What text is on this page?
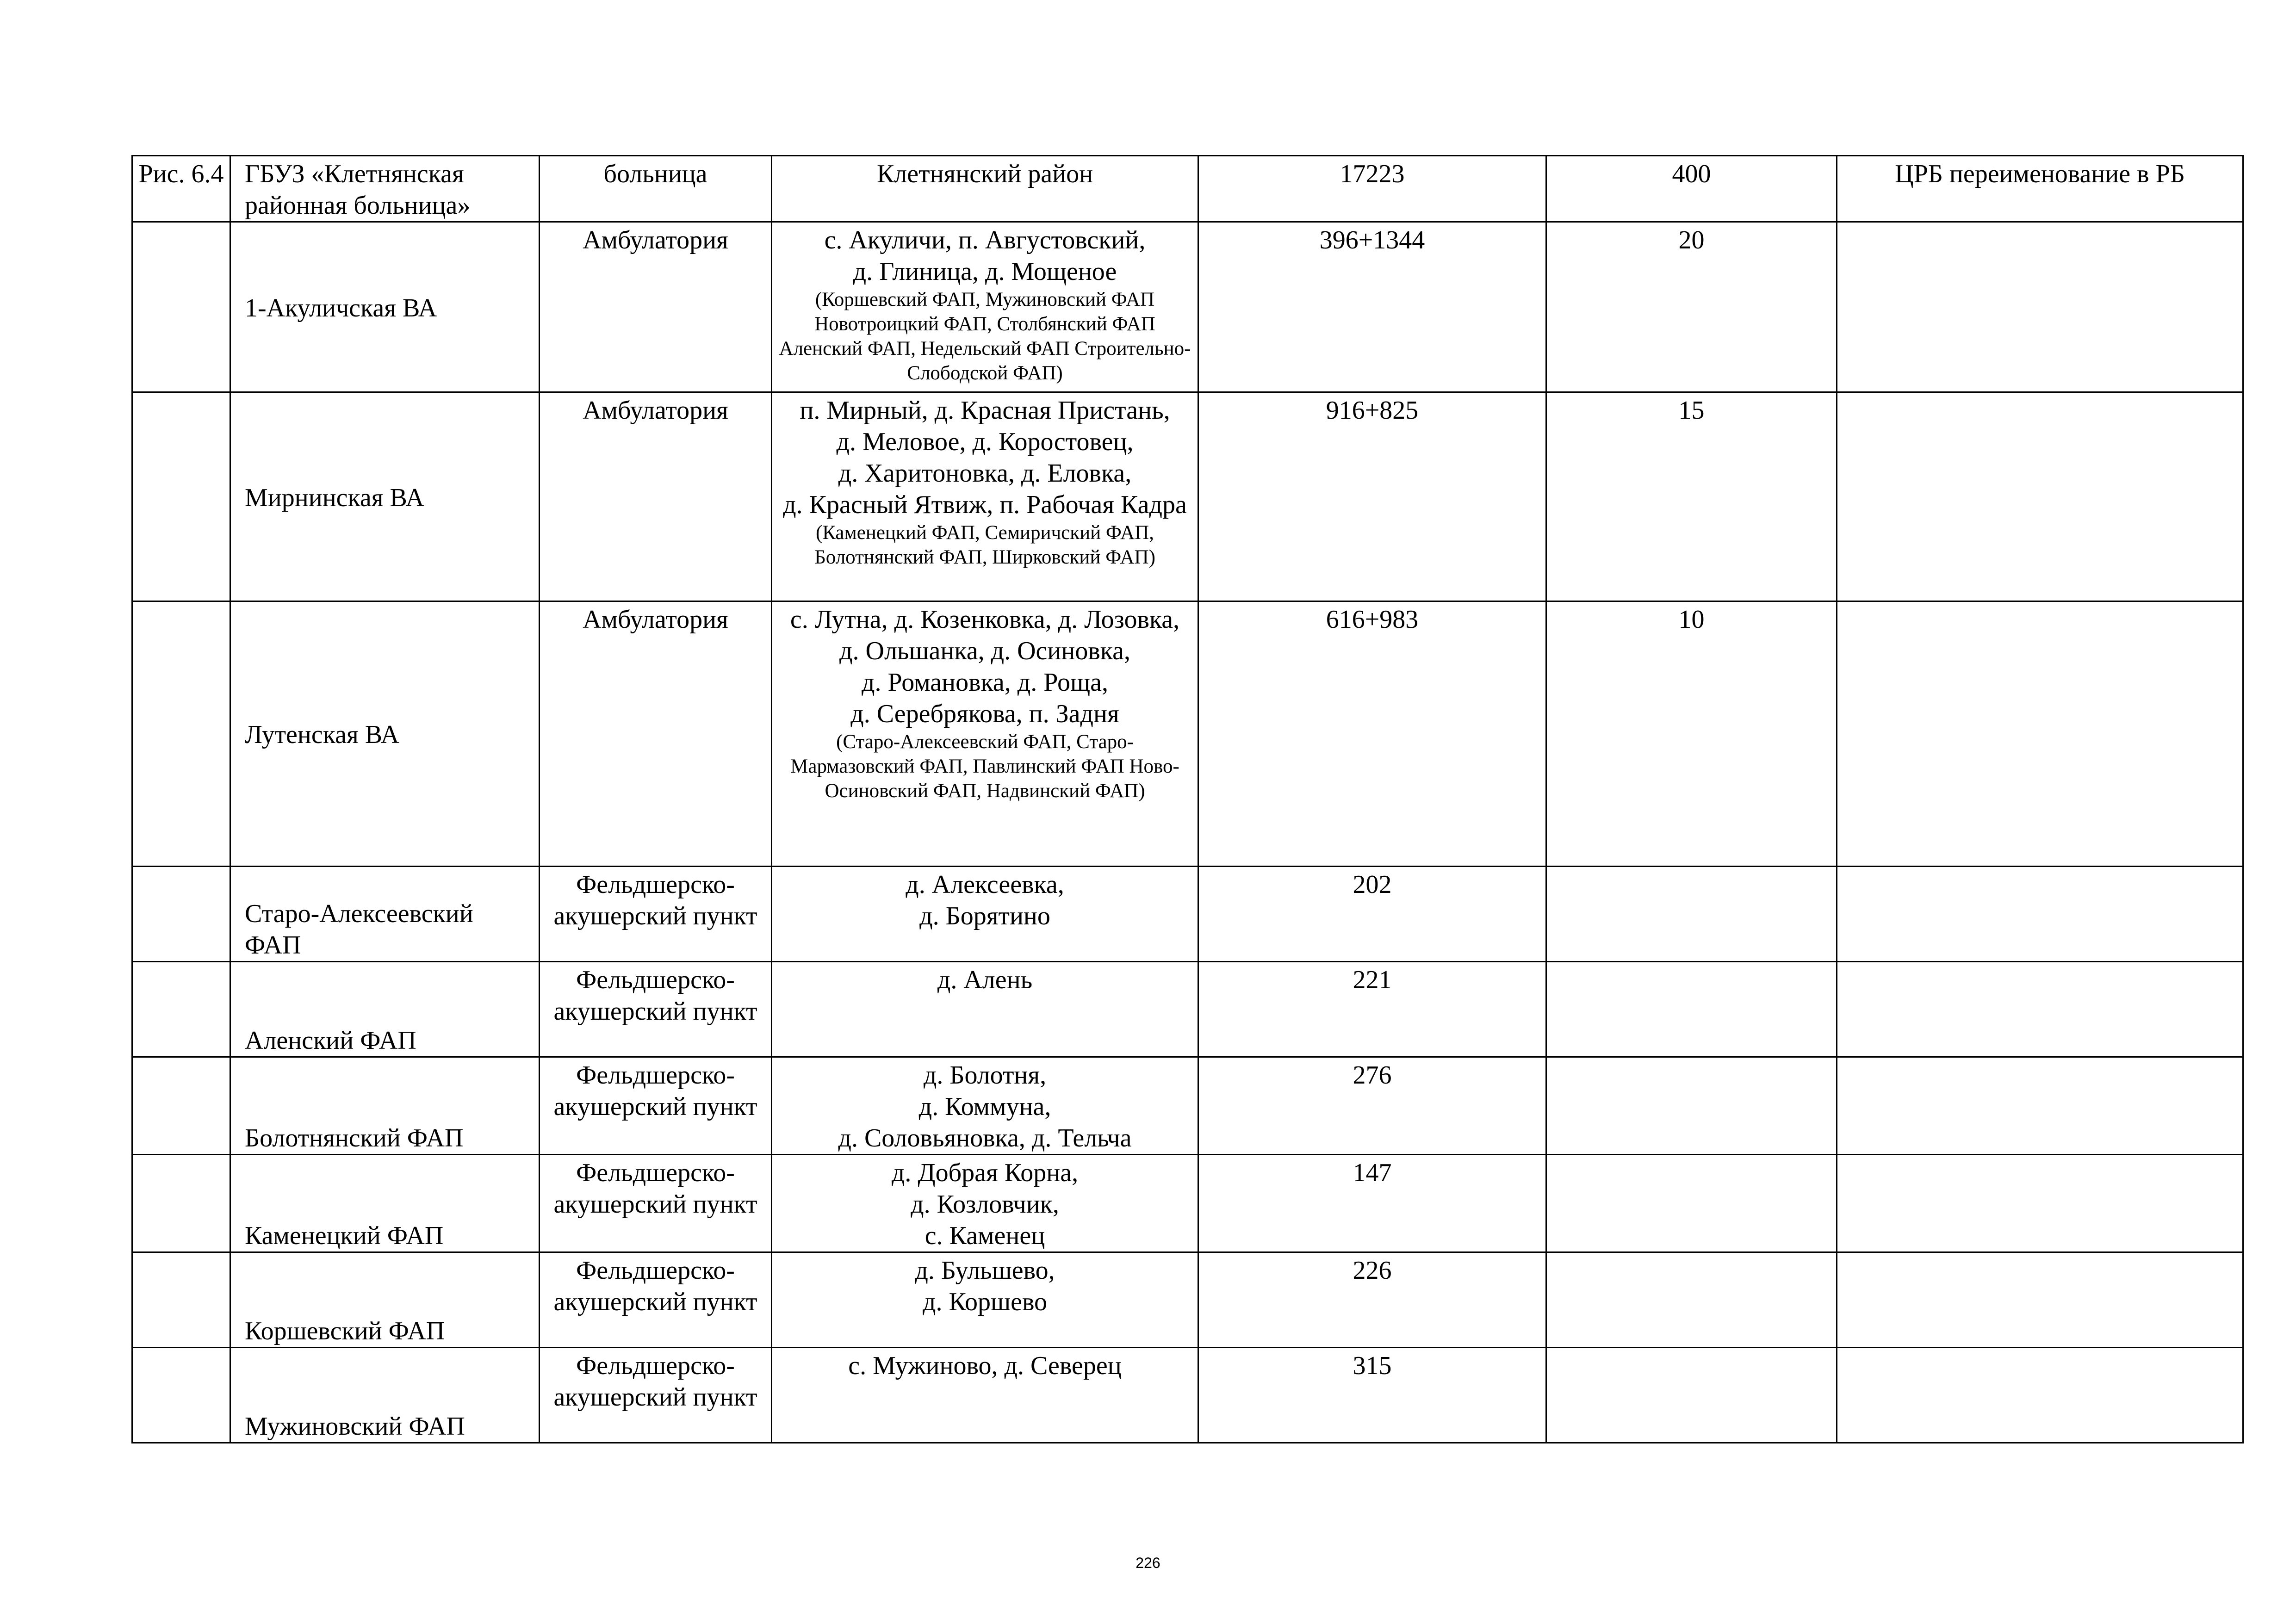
Рис. 6.4	ГБУЗ «Клетнянская районная больница»	больница	Клетнянский район	17223	400	ЦРБ переименование в РБ
	1-Акуличская ВА	Амбулатория	с. Акуличи, п. Августовский,
д. Глиница, д. Мощеное
(Коршевский ФАП, Мужиновский ФАП Новотроицкий ФАП, Столбянский ФАП Аленский ФАП, Недельский ФАП Строительно-Слободской ФАП)	396+1344	20	
	Мирнинская ВА	Амбулатория	п. Мирный, д. Красная Пристань,
д. Меловое, д. Коростовец,
д. Харитоновка, д. Еловка,
д. Красный Ятвиж, п. Рабочая Кадра
(Каменецкий ФАП, Семиричский ФАП, Болотнянский ФАП, Ширковский ФАП)	916+825	15	
	Лутенская ВА	Амбулатория	с. Лутна, д. Козенковка, д. Лозовка,
д. Ольшанка, д. Осиновка,
д. Романовка, д. Роща,
д. Серебрякова, п. Задня
(Старо-Алексеевский ФАП, Старо-Мармазовский ФАП, Павлинский ФАП Ново-Осиновский ФАП, Надвинский ФАП)	616+983	10	
	Старо-Алексеевский ФАП	Фельдшерско-акушерский пункт	д. Алексеевка,
д. Борятино	202		
	Аленский ФАП	Фельдшерско-акушерский пункт	д. Алень	221		
	Болотнянский ФАП	Фельдшерско-акушерский пункт	д. Болотня,
д. Коммуна,
д. Соловьяновка, д. Тельча	276		
	Каменецкий ФАП	Фельдшерско-акушерский пункт	д. Добрая Корна,
д. Козловчик,
с. Каменец	147		
	Коршевский ФАП	Фельдшерско-акушерский пункт	д. Бульшево,
д. Коршево	226		
	Мужиновский ФАП	Фельдшерско-акушерский пункт	с. Мужиново, д. Северец	315		
226
